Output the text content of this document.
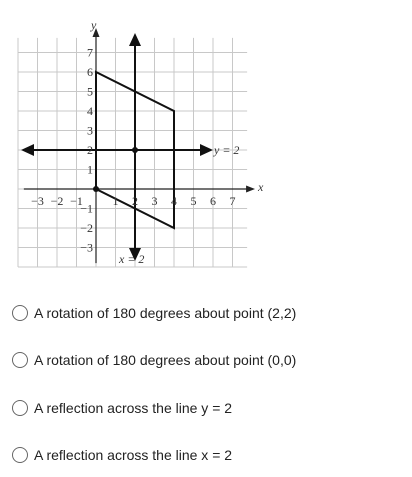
−3 −2 −1 1 2 3 4 5 6 7
−3
−2
−1
1
2
3
4
5
6
7
x
y
y = 2
x = 2
A rotation of 180 degrees about point (2,2)
A rotation of 180 degrees about point (0,0)
A reflection across the line y = 2
A reflection across the line x = 2
